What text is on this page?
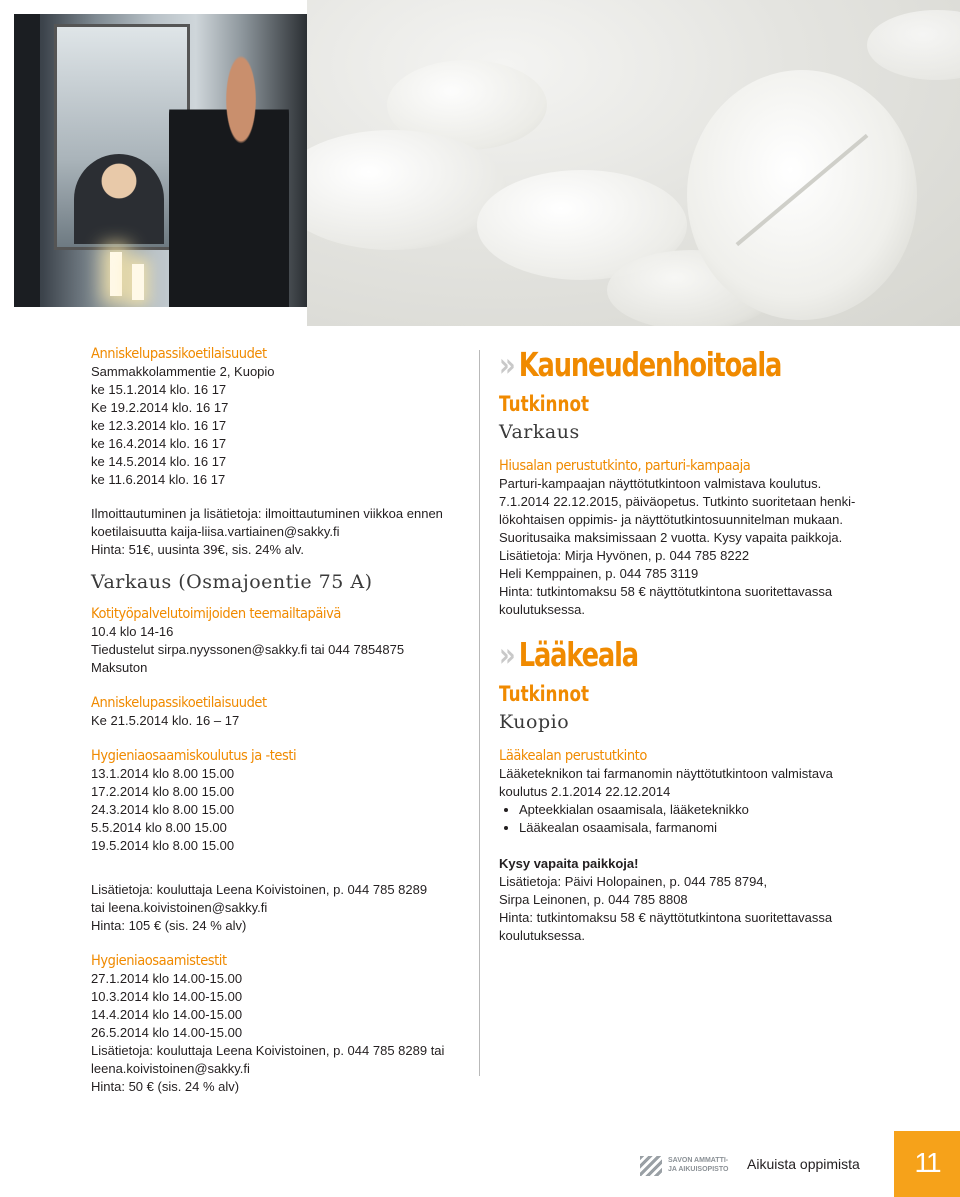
Anniskelupassikoetilaisuudet
Sammakkolammentie 2, Kuopio
ke 15.1.2014 klo. 16 17
Ke 19.2.2014 klo. 16 17
ke 12.3.2014 klo. 16 17
ke 16.4.2014 klo. 16 17
ke 14.5.2014 klo. 16 17
ke 11.6.2014 klo. 16 17
Ilmoittautuminen ja lisätietoja: ilmoittautuminen viikkoa ennen
koetilaisuutta kaija-liisa.vartiainen@sakky.fi
Hinta: 51€, uusinta 39€, sis. 24% alv.
Varkaus (Osmajoentie 75 A)
Kotityöpalvelutoimijoiden teemailtapäivä
10.4 klo 14-16
Tiedustelut sirpa.nyyssonen@sakky.fi tai 044 7854875
Maksuton
Anniskelupassikoetilaisuudet
Ke 21.5.2014 klo. 16 – 17
Hygieniaosaamiskoulutus ja -testi
13.1.2014 klo 8.00 15.00
17.2.2014 klo 8.00 15.00
24.3.2014 klo 8.00 15.00
5.5.2014 klo 8.00 15.00
19.5.2014 klo 8.00 15.00
Lisätietoja: kouluttaja Leena Koivistoinen, p. 044 785 8289
tai leena.koivistoinen@sakky.fi
Hinta: 105 € (sis. 24 % alv)
Hygieniaosaamistestit
27.1.2014 klo 14.00-15.00
10.3.2014 klo 14.00-15.00
14.4.2014 klo 14.00-15.00
26.5.2014 klo 14.00-15.00
Lisätietoja: kouluttaja Leena Koivistoinen, p. 044 785 8289 tai
leena.koivistoinen@sakky.fi
Hinta: 50 € (sis. 24 % alv)
» Kauneudenhoitoala
Tutkinnot
Varkaus
Hiusalan perustutkinto, parturi-kampaaja
Parturi-kampaajan näyttötutkintoon valmistava koulutus.
7.1.2014 22.12.2015, päiväopetus. Tutkinto suoritetaan henki-
lökohtaisen oppimis- ja näyttötutkintosuunnitelman mukaan.
Suoritusaika maksimissaan 2 vuotta. Kysy vapaita paikkoja.
Lisätietoja: Mirja Hyvönen, p. 044 785 8222
Heli Kemppainen, p. 044 785 3119
Hinta: tutkintomaksu 58 € näyttötutkintona suoritettavassa
koulutuksessa.
» Lääkeala
Tutkinnot
Kuopio
Lääkealan perustutkinto
Lääketeknikon tai farmanomin näyttötutkintoon valmistava
koulutus 2.1.2014 22.12.2014
• Apteekkialan osaamisala, lääketeknikko
• Lääkealan osaamisala, farmanomi
Kysy vapaita paikkoja!
Lisätietoja: Päivi Holopainen, p. 044 785 8794,
Sirpa Leinonen, p. 044 785 8808
Hinta: tutkintomaksu 58 € näyttötutkintona suoritettavassa
koulutuksessa.
SAVON AMMATTI-
JA AIKUISOPISTO Aikuista oppimista	11
